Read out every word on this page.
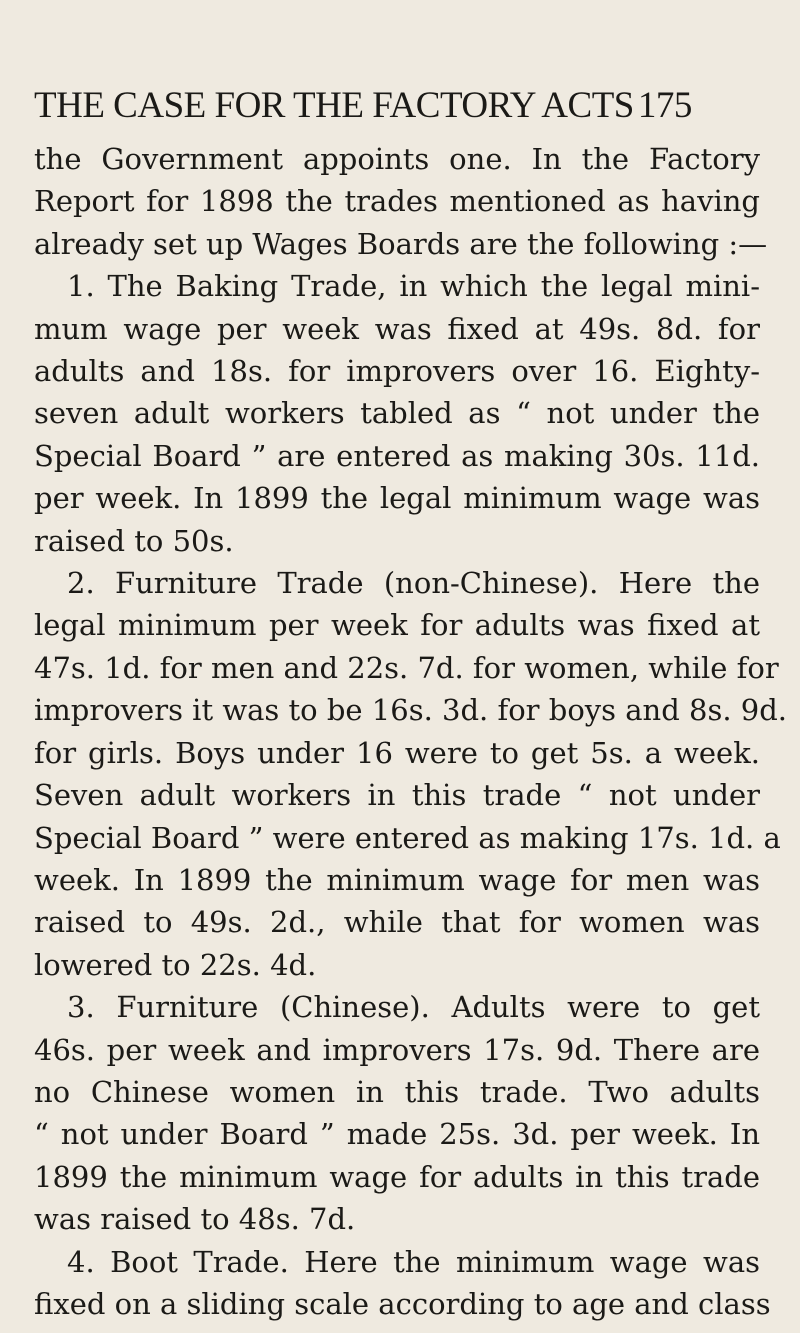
THE CASE FOR THE FACTORY ACTS 175
the Government appoints one. In the Factory
Report for 1898 the trades mentioned as having
already set up Wages Boards are the following :—
1. The Baking Trade, in which the legal mini-
mum wage per week was fixed at 49s. 8d. for
adults and 18s. for improvers over 16. Eighty-
seven adult workers tabled as “ not under the
Special Board ” are entered as making 30s. 11d.
per week. In 1899 the legal minimum wage was
raised to 50s.
2. Furniture Trade (non-Chinese). Here the
legal minimum per week for adults was fixed at
47s. 1d. for men and 22s. 7d. for women, while for
improvers it was to be 16s. 3d. for boys and 8s. 9d.
for girls. Boys under 16 were to get 5s. a week.
Seven adult workers in this trade “ not under
Special Board ” were entered as making 17s. 1d. a
week. In 1899 the minimum wage for men was
raised to 49s. 2d., while that for women was
lowered to 22s. 4d.
3. Furniture (Chinese). Adults were to get
46s. per week and improvers 17s. 9d. There are
no Chinese women in this trade. Two adults
“ not under Board ” made 25s. 3d. per week. In
1899 the minimum wage for adults in this trade
was raised to 48s. 7d.
4. Boot Trade. Here the minimum wage was
fixed on a sliding scale according to age and class
